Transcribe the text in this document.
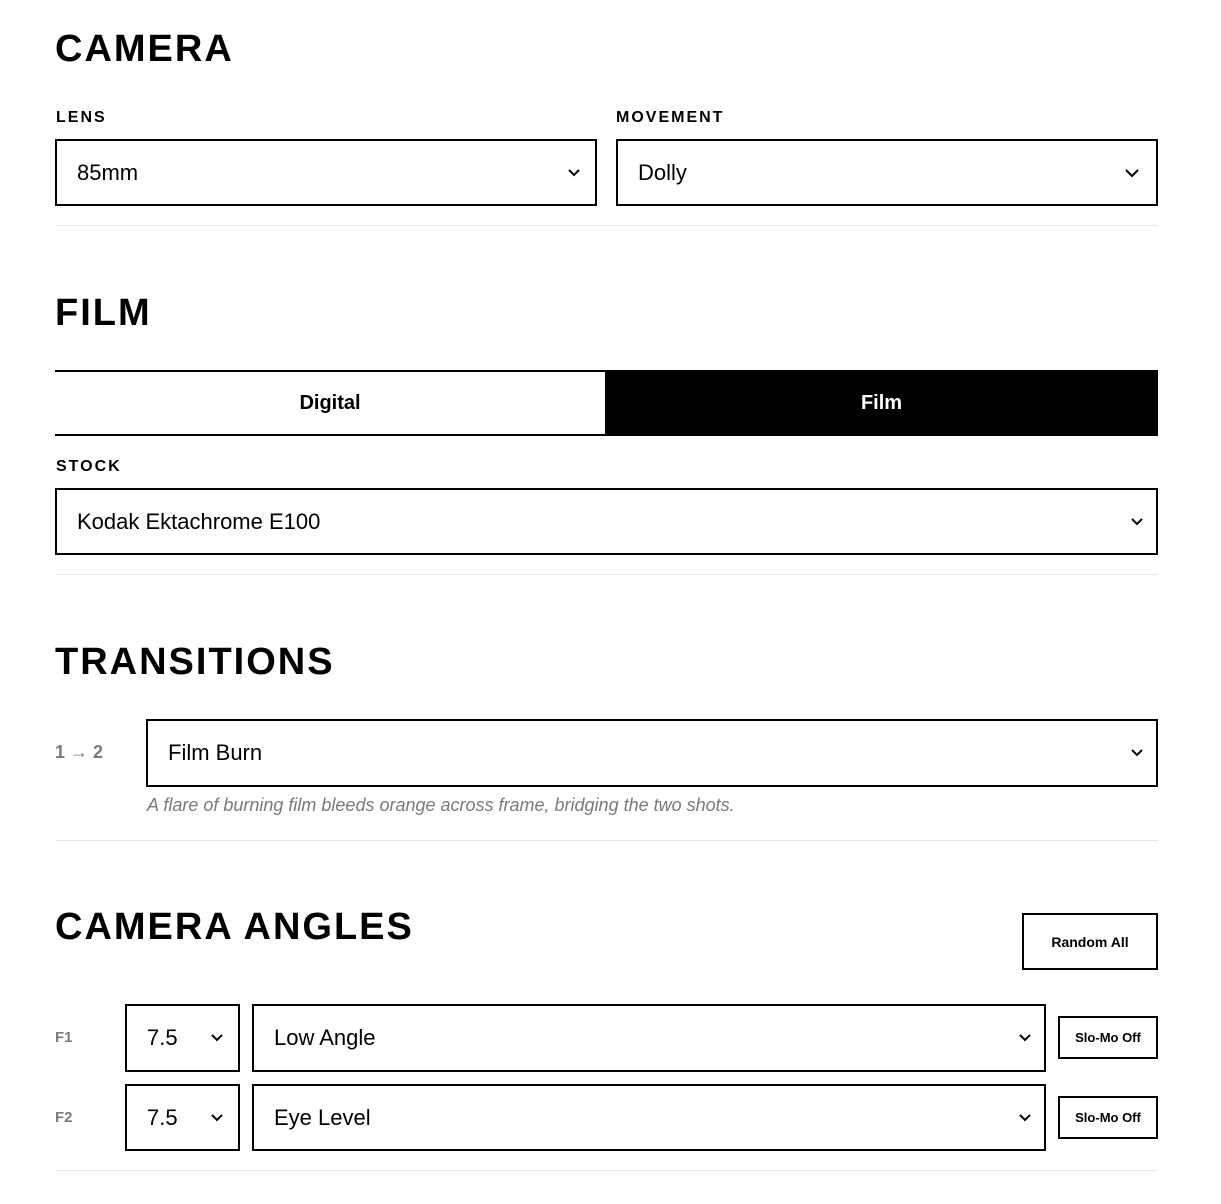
CAMERA
LENS
85mm
MOVEMENT
Dolly
FILM
Digital	Film
STOCK
Kodak Ektachrome E100
TRANSITIONS
1 → 2	Film Burn
A flare of burning film bleeds orange across frame, bridging the two shots.
CAMERA ANGLES	Random All
F1	7.5	Low Angle	Slo-Mo Off
F2	7.5	Eye Level	Slo-Mo Off
